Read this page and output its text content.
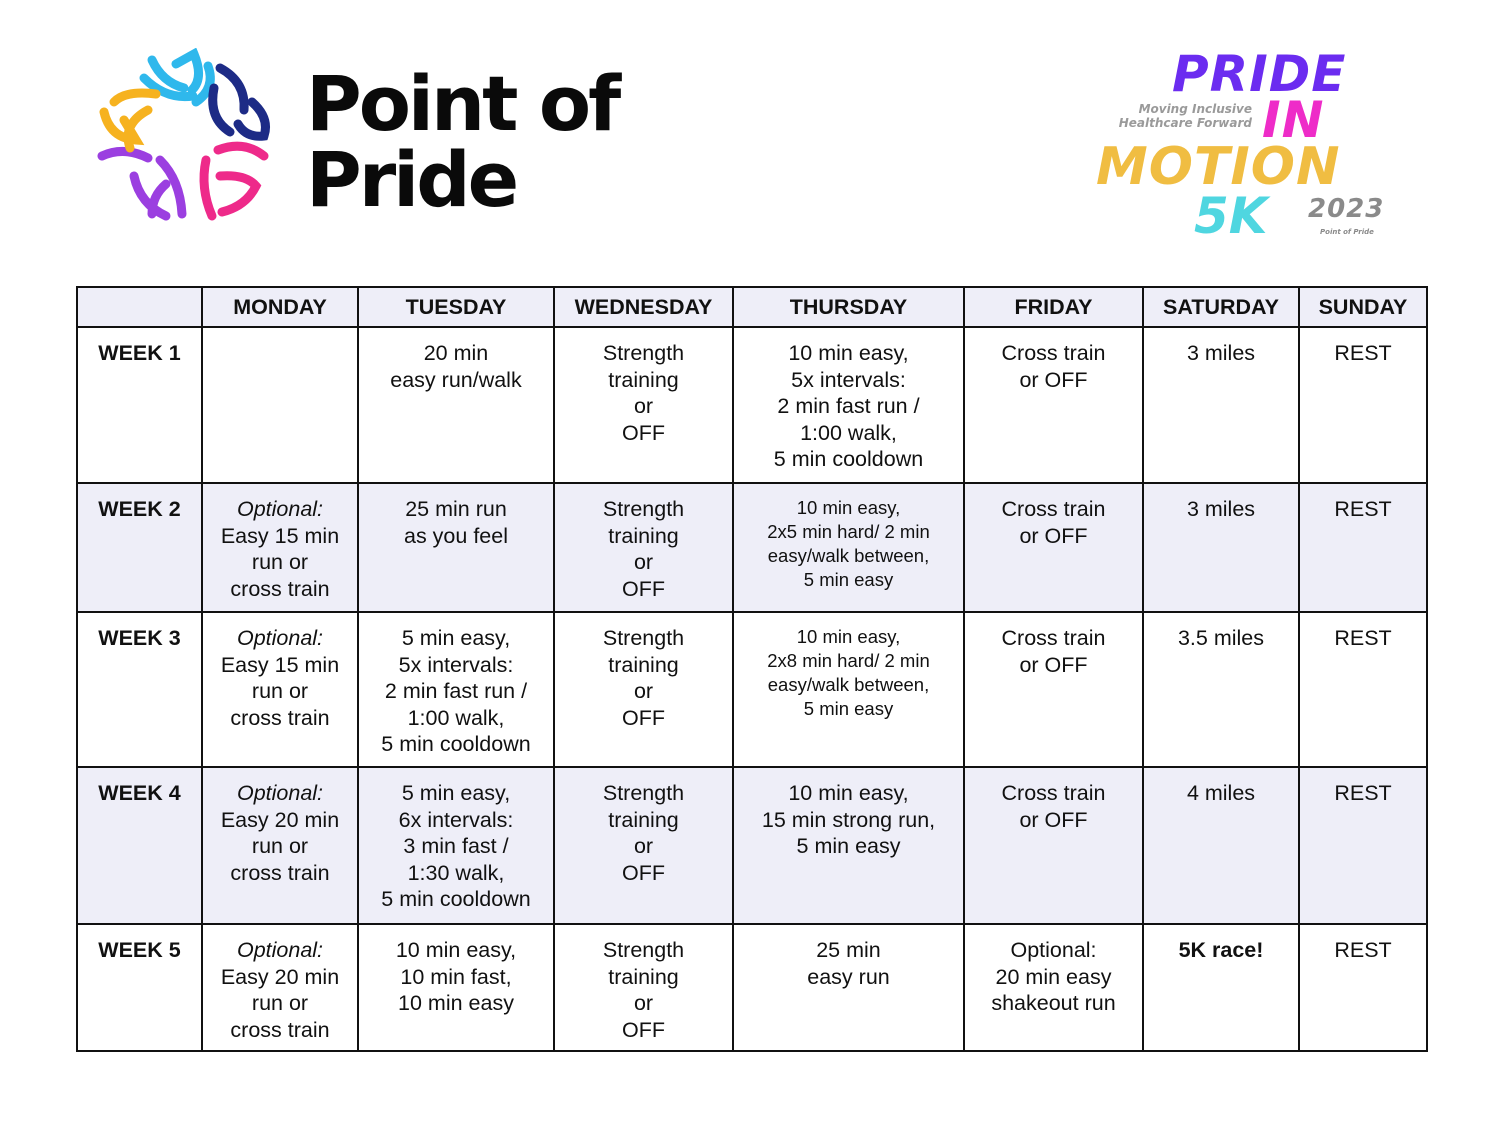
Point of
Pride
Moving Inclusive
Healthcare Forward
PRIDE
IN
MOTION
5K 2023
Point of Pride
	MONDAY	TUESDAY	WEDNESDAY	THURSDAY	FRIDAY	SATURDAY	SUNDAY
WEEK 1		20 min
easy run/walk	Strength
training
or
OFF	10 min easy,
5x intervals:
2 min fast run /
1:00 walk,
5 min cooldown	Cross train
or OFF	3 miles	REST

WEEK 2	Optional:
Easy 15 min
run or
cross train	25 min run
as you feel	Strength
training
or
OFF	10 min easy,
2x5 min hard/ 2 min
easy/walk between,
5 min easy	Cross train
or OFF	3 miles	REST

WEEK 3	Optional:
Easy 15 min
run or
cross train	5 min easy,
5x intervals:
2 min fast run /
1:00 walk,
5 min cooldown	Strength
training
or
OFF	10 min easy,
2x8 min hard/ 2 min
easy/walk between,
5 min easy	Cross train
or OFF	3.5 miles	REST

WEEK 4	Optional:
Easy 20 min
run or
cross train	5 min easy,
6x intervals:
3 min fast /
1:30 walk,
5 min cooldown	Strength
training
or
OFF	10 min easy,
15 min strong run,
5 min easy	Cross train
or OFF	4 miles	REST

WEEK 5	Optional:
Easy 20 min
run or
cross train	10 min easy,
10 min fast,
10 min easy	Strength
training
or
OFF	25 min
easy run	Optional:
20 min easy
shakeout run	5K race!	REST
